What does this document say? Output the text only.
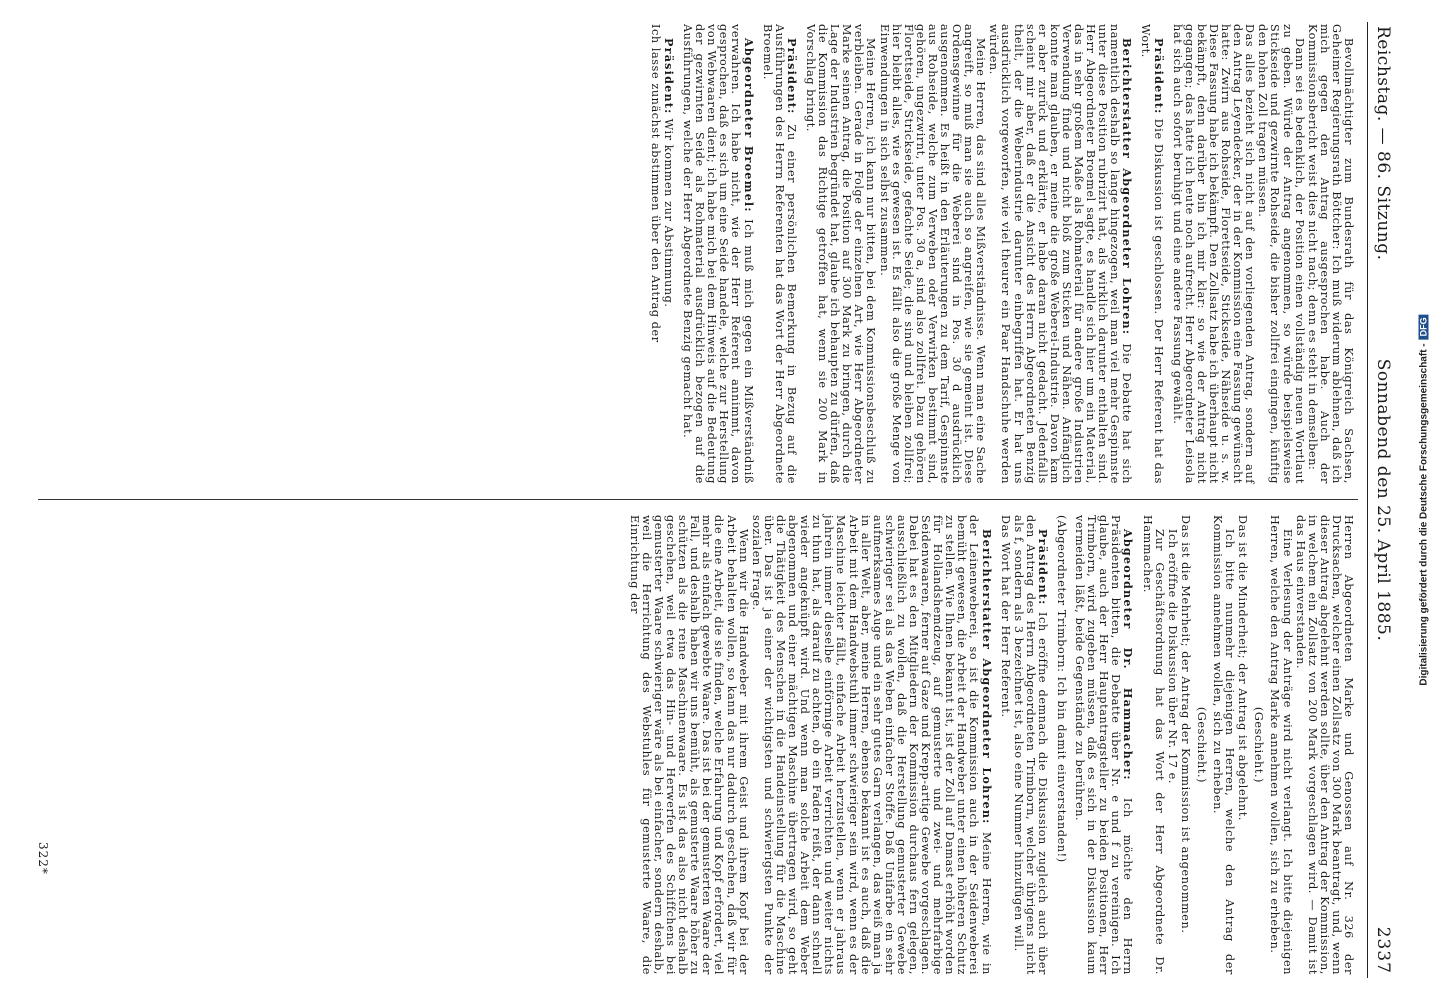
Digitalisierung gefördert durch die Deutsche Forschungsgemeinschaft -DFG
Reichstag. — 86. Sitzung.
Sonnabend den 25. April 1885.
2337

Bevollmächtigter zum Bundesrath für das Königreich Sachsen, Geheimer Regierungsrath Böttcher: Ich muß widerum ablehnen, daß ich mich gegen den Antrag ausgesprochen habe. Auch der Kommissionsbericht weist dies nicht nach; denn es steht in demselben:

Dann sei es bedenklich, der Position einen vollständig neuen Wortlaut zu geben. Würde der Antrag angenommen, so würde beispielsweise Stickseide und gezwirnte Rohseide, die bisher zollfrei eingingen, künftig den hohen Zoll tragen müssen.

Das alles bezieht sich nicht auf den vorliegenden Antrag, sondern auf den Antrag Leyendecker, der in der Kommission eine Fassung gewünscht hatte: Zwirn aus Rohseide, Florettseide, Stickseide, Nähseide u. s. w. Diese Fassung habe ich bekämpft. Den Zollsatz habe ich überhaupt nicht bekämpft, denn darüber bin ich mir klar: so wie der Antrag nicht gegangen; das hatte ich heute noch aufrecht. Herr Abgeordneter Leisola hat sich auch sofort beruhigt und eine andere Fassung gewählt.

Präsident: Die Diskussion ist geschlossen. Der Herr Referent hat das Wort.

Berichterstatter Abgeordneter Lohren: Die Debatte hat sich namentlich deshalb so lange hingezogen, weil man viel mehr Gespinnste unter diese Position rubrizirt hat, als wirklich darunter enthalten sind. Herr Abgeordneter Broemel sagte, es handle sich hier um ein Material, das in sehr großem Maße als Rohmaterial für andere große Industrien Verwendung finde und nicht bloß zum Sticken und Nähen. Anfänglich konnte man glauben, er meine die große Weberei-Industrie. Davon kam er aber zurück und erklärte, er habe daran nicht gedacht. Jedenfalls scheint mir aber, daß er die Ansicht des Herrn Abgeordneten Benzig theilt, der die Weberindustrie darunter einbegriffen hat. Er hat uns ausdrücklich vorgeworfen, wie viel theurer ein Paar Handschuhe werden würden.

Meine Herren, das sind alles Mißverständnisse. Wenn man eine Sache angreift, so muß man sie auch so angreifen, wie sie gemeint ist. Diese Ordensgewinne für die Weberei sind in Pos. 30 d ausdrücklich ausgenommen. Es heißt in den Erläuterungen zu dem Tarif, Gespinnste aus Rohseide, welche zum Verweben oder Verwirken bestimmt sind, gehören, ungezwirnt, unter Pos. 30 a, sind also zollfrei. Dazu gehören Florettseide, Strickseide, gefachte Seide; die sind und bleiben zollfrei; hier bleibt alles, wie es gewesen ist. Es fällt also die große Menge von Einwendungen in sich selbst zusammen.

Meine Herren, ich kann nur bitten, bei dem Kommissionsbeschluß zu verbleiben. Gerade in Folge der einzelnen Art, wie Herr Abgeordneter Marke seinen Antrag, die Position auf 300 Mark zu bringen, durch die Lage der Industrien begründet hat, glaube ich behaupten zu dürfen, daß die Kommission das Richtige getroffen hat, wenn sie 200 Mark in Vorschlag bringt.

Präsident: Zu einer persönlichen Bemerkung in Bezug auf die Ausführungen des Herrn Referenten hat das Wort der Herr Abgeordnete Broemel.

Abgeordneter Broemel: Ich muß mich gegen ein Mißverständniß verwahren. Ich habe nicht, wie der Herr Referent annimmt, davon gesprochen, daß es sich um eine Seide handele, welche zur Herstellung von Webwaaren dient; ich habe mich bei dem Hinweis auf die Bedeutung der gezwirnten Seide als Rohmaterial ausdrücklich bezogen auf die Ausführungen, welche der Herr Abgeordnete Benzig gemacht hat.

Präsident: Wir kommen zur Abstimmung.

Ich lasse zunächst abstimmen über den Antrag der

Herren Abgeordneten Marke und Genossen auf Nr. 326 der Drucksachen, welcher einen Zollsatz von 300 Mark beantragt, und, wenn dieser Antrag abgelehnt werden sollte, über den Antrag der Kommission, in welchem ein Zollsatz von 200 Mark vorgeschlagen wird. — Damit ist das Haus einverstanden.

Eine Verlesung der Anträge wird nicht verlangt. Ich bitte diejenigen Herren, welche den Antrag Marke annehmen wollen, sich zu erheben.

(Geschieht.)

Das ist die Minderheit; der Antrag ist abgelehnt.

Ich bitte nunmehr diejenigen Herren, welche den Antrag der Kommission annehmen wollen, sich zu erheben.

(Geschieht.)

Das ist die Mehrheit; der Antrag der Kommission ist angenommen.

Ich eröffne die Diskussion über Nr. 17 e.

Zur Geschäftsordnung hat das Wort der Herr Abgeordnete Dr. Hammacher.

Abgeordneter Dr. Hammacher: Ich möchte den Herrn Präsidenten bitten, die Debatte über Nr. e und f zu vereinigen. Ich glaube, auch der Herr Hauptantragsteller zu beiden Positionen, Herr Trimborn, wird zugeben müssen, daß es sich in der Diskussion kaum vermeiden läßt, beide Gegenstände zu berühren.

(Abgeordneter Trimborn: Ich bin damit einverstanden!)

Präsident: Ich eröffne demnach die Diskussion zugleich auch über den Antrag des Herrn Abgeordneten Trimborn, welcher übrigens nicht als f, sondern als 3 bezeichnet ist, also eine Nummer hinzufügen will.

Das Wort hat der Herr Referent.

Berichterstatter Abgeordneter Lohren: Meine Herren, wie in der Leinenweberei, so ist die Kommission auch in der Seidenweberei bemüht gewesen, die Arbeit der Handweber unter einen höheren Schutz zu stellen. Wie Ihnen bekannt ist, ist der Zoll auf Damast erhöht worden für Hollandshemdzeug, auf gemusterte und zwei- und mehrfarbige Seidenwaaren, ferner auf Gaze und Krepp-artige Gewebe vorgeschlagen. Dabei hat es den Mitgliedern der Kommission durchaus fern gelegen, ausschließlich zu wollen, daß die Herstellung gemusterter Gewebe schwieriger sei als das Weben einfacher Stoffe. Daß Unifarbe ein sehr aufmerksames Auge und ein sehr gutes Garn verlangen, das weiß man ja in aller Welt, aber, meine Herren, ebenso bekannt ist es auch, daß die Arbeit mit dem Handwebstuhl immer schwieriger sein wird, wenn es der Maschine leichter fällt, einfache Arbeit herzustellen, wenn er jahraus jahrein immer dieselbe einförmige Arbeit verrichten und weiter nichts zu thun hat, als darauf zu achten, ob ein Faden reißt, der dann schnell wieder angeknüpft wird. Und wenn man solche Arbeit dem Weber abgenommen und einer mächtigen Maschine übertragen wird, so geht die Thätigkeit des Menschen in die Handeinstellung für die Maschine über. Das ist ja einer der wichtigsten und schwierigsten Punkte der sozialen Frage.

Wenn wir die Handweber mit ihrem Geist und ihrem Kopf bei der Arbeit behalten wollen, so kann das nur dadurch geschehen, daß wir für die eine Arbeit, die sie finden, welche Erfahrung und Kopf erfordert, viel mehr als einfach gewebte Waare. Das ist bei der gemusterten Waare der Fall, und deshalb haben wir uns bemüht, als gemusterte Waare höher zu schützen als die reine Maschinenwaare. Es ist das also nicht deshalb geschehen, weil etwa das Hin- und Herwerfen des Schiffchens bei gemusterter Waare schwieriger wäre als bei einfacher, sondern deshalb, weil die Herrichtung des Webstuhles für gemusterte Waare, die Einrichtung der

322*
